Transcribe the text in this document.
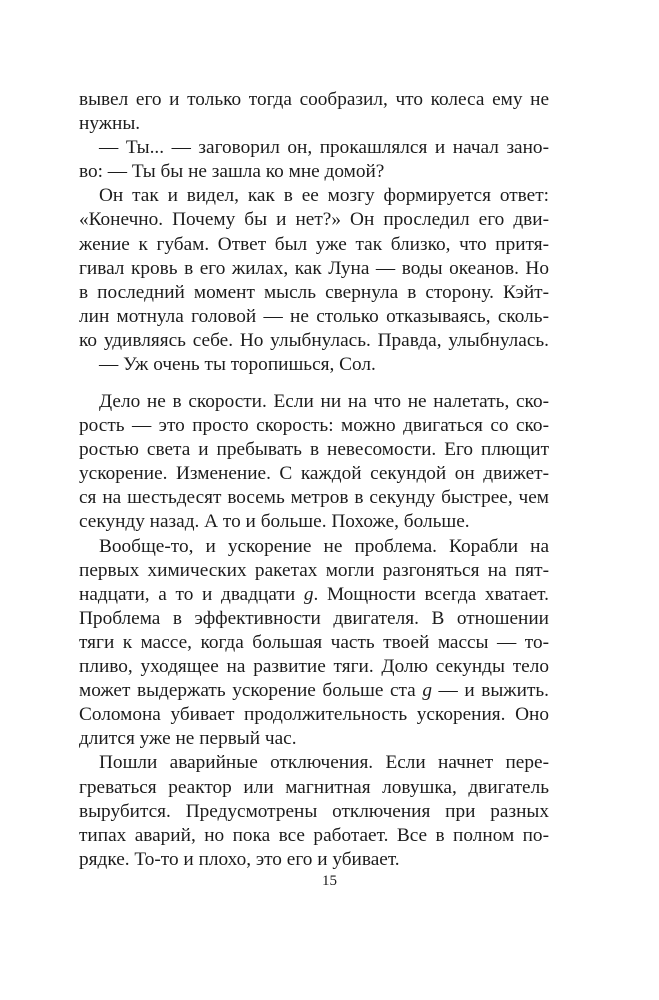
вывел его и только тогда сообразил, что колеса ему не
нужны.
— Ты... — заговорил он, прокашлялся и начал зано-
во: — Ты бы не зашла ко мне домой?
Он так и видел, как в ее мозгу формируется ответ:
«Конечно. Почему бы и нет?» Он проследил его дви-
жение к губам. Ответ был уже так близко, что притя-
гивал кровь в его жилах, как Луна — воды океанов. Но
в последний момент мысль свернула в сторону. Кэйт-
лин мотнула головой — не столько отказываясь, сколь-
ко удивляясь себе. Но улыбнулась. Правда, улыбнулась.
— Уж очень ты торопишься, Сол.
Дело не в скорости. Если ни на что не налетать, ско-
рость — это просто скорость: можно двигаться со ско-
ростью света и пребывать в невесомости. Его плющит
ускорение. Изменение. С каждой секундой он движет-
ся на шестьдесят восемь метров в секунду быстрее, чем
секунду назад. А то и больше. Похоже, больше.
Вообще-то, и ускорение не проблема. Корабли на
первых химических ракетах могли разгоняться на пят-
надцати, а то и двадцати g. Мощности всегда хватает.
Проблема в эффективности двигателя. В отношении
тяги к массе, когда большая часть твоей массы — то-
пливо, уходящее на развитие тяги. Долю секунды тело
может выдержать ускорение больше ста g — и выжить.
Соломона убивает продолжительность ускорения. Оно
длится уже не первый час.
Пошли аварийные отключения. Если начнет пере-
греваться реактор или магнитная ловушка, двигатель
вырубится. Предусмотрены отключения при разных
типах аварий, но пока все работает. Все в полном по-
рядке. То-то и плохо, это его и убивает.
15
